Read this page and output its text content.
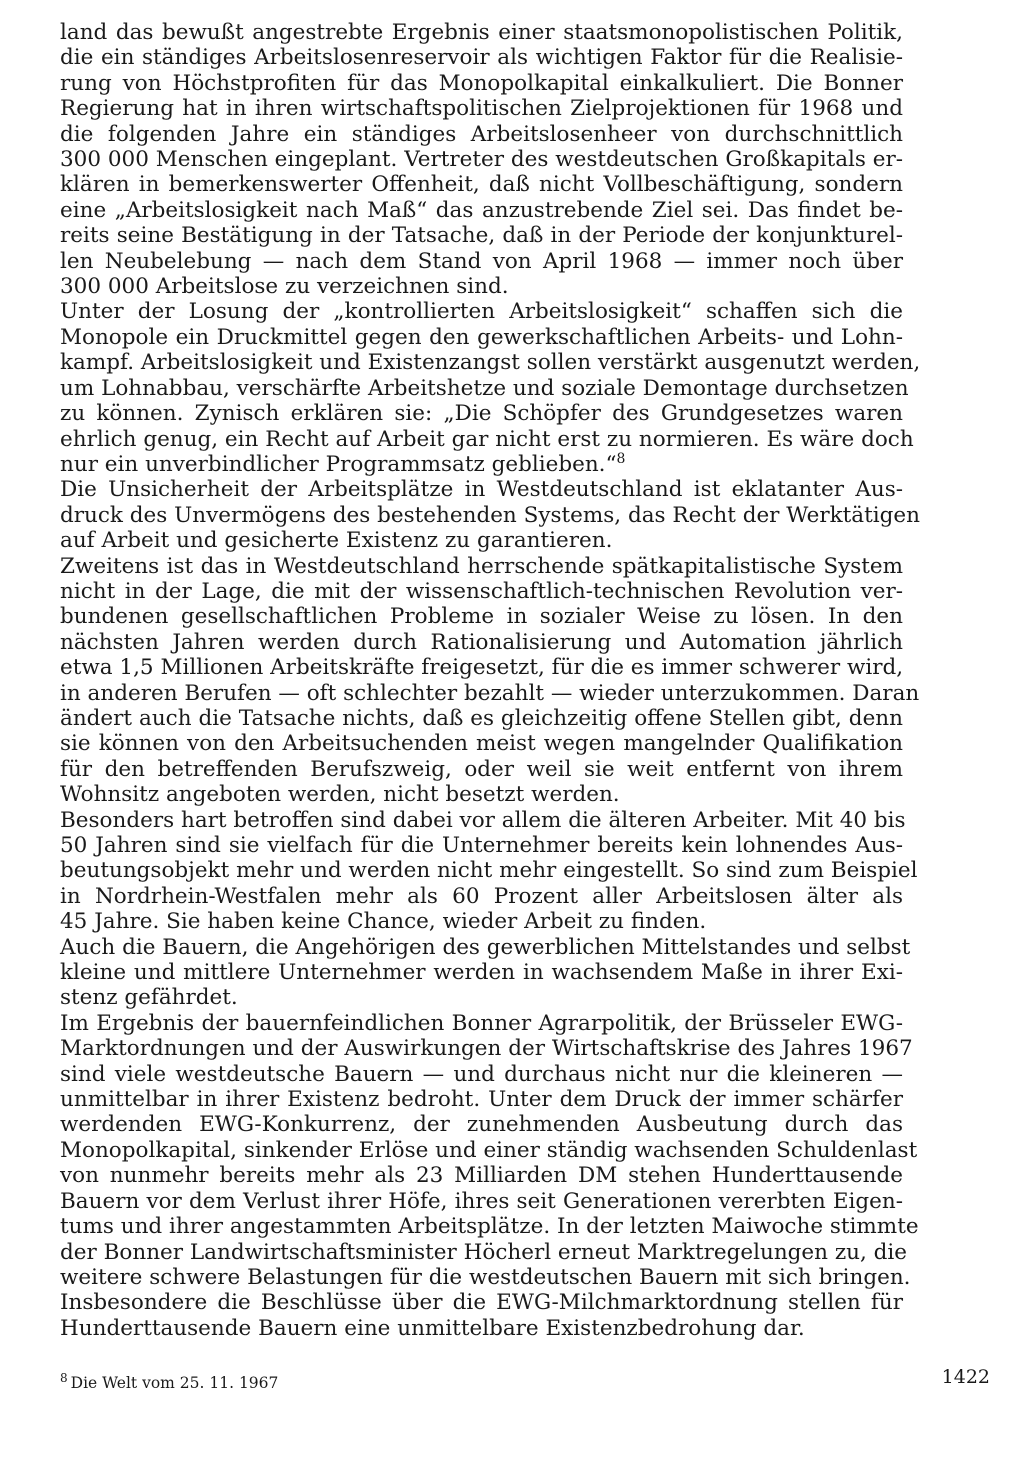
land das bewußt angestrebte Ergebnis einer staatsmonopolistischen Politik,
die ein ständiges Arbeitslosenreservoir als wichtigen Faktor für die Realisie-
rung von Höchstprofiten für das Monopolkapital einkalkuliert. Die Bonner
Regierung hat in ihren wirtschaftspolitischen Zielprojektionen für 1968 und
die folgenden Jahre ein ständiges Arbeitslosenheer von durchschnittlich
300 000 Menschen eingeplant. Vertreter des westdeutschen Großkapitals er-
klären in bemerkenswerter Offenheit, daß nicht Vollbeschäftigung, sondern
eine „Arbeitslosigkeit nach Maß“ das anzustrebende Ziel sei. Das findet be-
reits seine Bestätigung in der Tatsache, daß in der Periode der konjunkturel-
len Neubelebung — nach dem Stand von April 1968 — immer noch über
300 000 Arbeitslose zu verzeichnen sind.

Unter der Losung der „kontrollierten Arbeitslosigkeit“ schaffen sich die
Monopole ein Druckmittel gegen den gewerkschaftlichen Arbeits- und Lohn-
kampf. Arbeitslosigkeit und Existenzangst sollen verstärkt ausgenutzt werden,
um Lohnabbau, verschärfte Arbeitshetze und soziale Demontage durchsetzen
zu können. Zynisch erklären sie: „Die Schöpfer des Grundgesetzes waren
ehrlich genug, ein Recht auf Arbeit gar nicht erst zu normieren. Es wäre doch
nur ein unverbindlicher Programmsatz geblieben.“$^8$

Die Unsicherheit der Arbeitsplätze in Westdeutschland ist eklatanter Aus-
druck des Unvermögens des bestehenden Systems, das Recht der Werktätigen
auf Arbeit und gesicherte Existenz zu garantieren.

Zweitens ist das in Westdeutschland herrschende spätkapitalistische System
nicht in der Lage, die mit der wissenschaftlich-technischen Revolution ver-
bundenen gesellschaftlichen Probleme in sozialer Weise zu lösen. In den
nächsten Jahren werden durch Rationalisierung und Automation jährlich
etwa 1,5 Millionen Arbeitskräfte freigesetzt, für die es immer schwerer wird,
in anderen Berufen — oft schlechter bezahlt — wieder unterzukommen. Daran
ändert auch die Tatsache nichts, daß es gleichzeitig offene Stellen gibt, denn
sie können von den Arbeitsuchenden meist wegen mangelnder Qualifikation
für den betreffenden Berufszweig, oder weil sie weit entfernt von ihrem
Wohnsitz angeboten werden, nicht besetzt werden.

Besonders hart betroffen sind dabei vor allem die älteren Arbeiter. Mit 40 bis
50 Jahren sind sie vielfach für die Unternehmer bereits kein lohnendes Aus-
beutungsobjekt mehr und werden nicht mehr eingestellt. So sind zum Beispiel
in Nordrhein-Westfalen mehr als 60 Prozent aller Arbeitslosen älter als
45 Jahre. Sie haben keine Chance, wieder Arbeit zu finden.

Auch die Bauern, die Angehörigen des gewerblichen Mittelstandes und selbst
kleine und mittlere Unternehmer werden in wachsendem Maße in ihrer Exi-
stenz gefährdet.

Im Ergebnis der bauernfeindlichen Bonner Agrarpolitik, der Brüsseler EWG-
Marktordnungen und der Auswirkungen der Wirtschaftskrise des Jahres 1967
sind viele westdeutsche Bauern — und durchaus nicht nur die kleineren —
unmittelbar in ihrer Existenz bedroht. Unter dem Druck der immer schärfer
werdenden EWG-Konkurrenz, der zunehmenden Ausbeutung durch das
Monopolkapital, sinkender Erlöse und einer ständig wachsenden Schuldenlast
von nunmehr bereits mehr als 23 Milliarden DM stehen Hunderttausende
Bauern vor dem Verlust ihrer Höfe, ihres seit Generationen vererbten Eigen-
tums und ihrer angestammten Arbeitsplätze. In der letzten Maiwoche stimmte
der Bonner Landwirtschaftsminister Höcherl erneut Marktregelungen zu, die
weitere schwere Belastungen für die westdeutschen Bauern mit sich bringen.
Insbesondere die Beschlüsse über die EWG-Milchmarktordnung stellen für
Hunderttausende Bauern eine unmittelbare Existenzbedrohung dar.

$^8$ Die Welt vom 25. 11. 1967	1422
